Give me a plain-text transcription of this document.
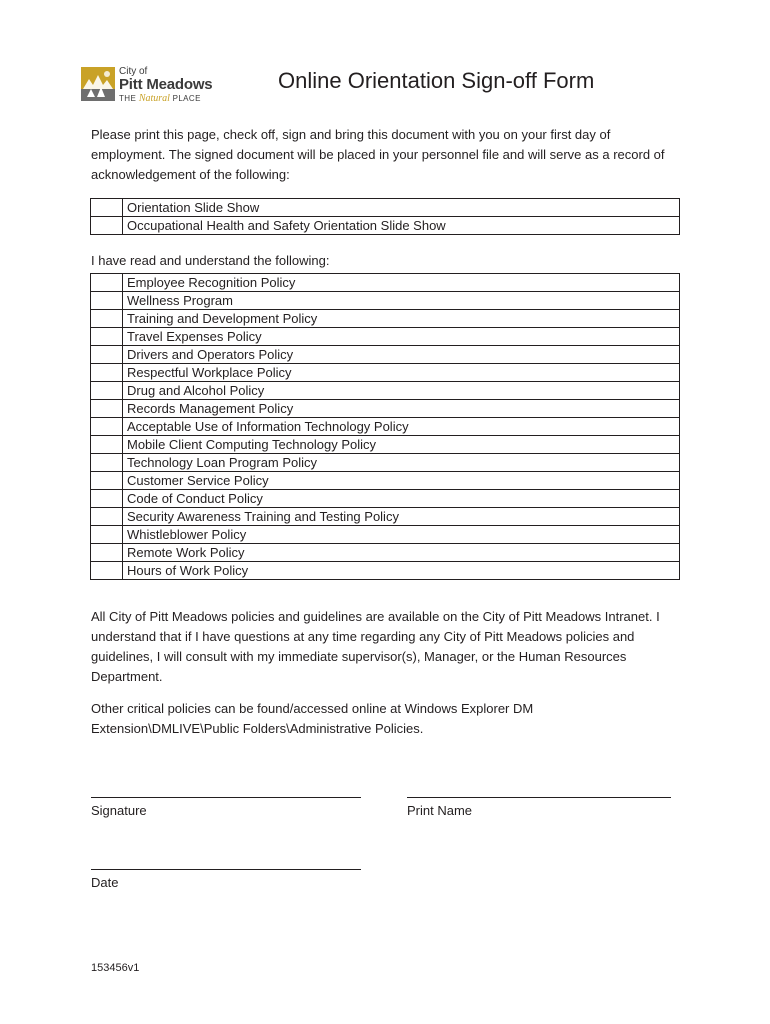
City of
Pitt Meadows
THE Natural PLACE
Online Orientation Sign-off Form

Please print this page, check off, sign and bring this document with you on your first day of employment. The signed document will be placed in your personnel file and will serve as a record of acknowledgement of the following:

	Orientation Slide Show
	Occupational Health and Safety Orientation Slide Show
I have read and understand the following:
	Employee Recognition Policy
	Wellness Program
	Training and Development Policy
	Travel Expenses Policy
	Drivers and Operators Policy
	Respectful Workplace Policy
	Drug and Alcohol Policy
	Records Management Policy
	Acceptable Use of Information Technology Policy
	Mobile Client Computing Technology Policy
	Technology Loan Program Policy
	Customer Service Policy
	Code of Conduct Policy
	Security Awareness Training and Testing Policy
	Whistleblower Policy
	Remote Work Policy
	Hours of Work Policy

All City of Pitt Meadows policies and guidelines are available on the City of Pitt Meadows Intranet. I understand that if I have questions at any time regarding any City of Pitt Meadows policies and guidelines, I will consult with my immediate supervisor(s), Manager, or the Human Resources Department.

Other critical policies can be found/accessed online at Windows Explorer DM Extension\DMLIVE\Public Folders\Administrative Policies.

Signature	Print Name
Date
153456v1
